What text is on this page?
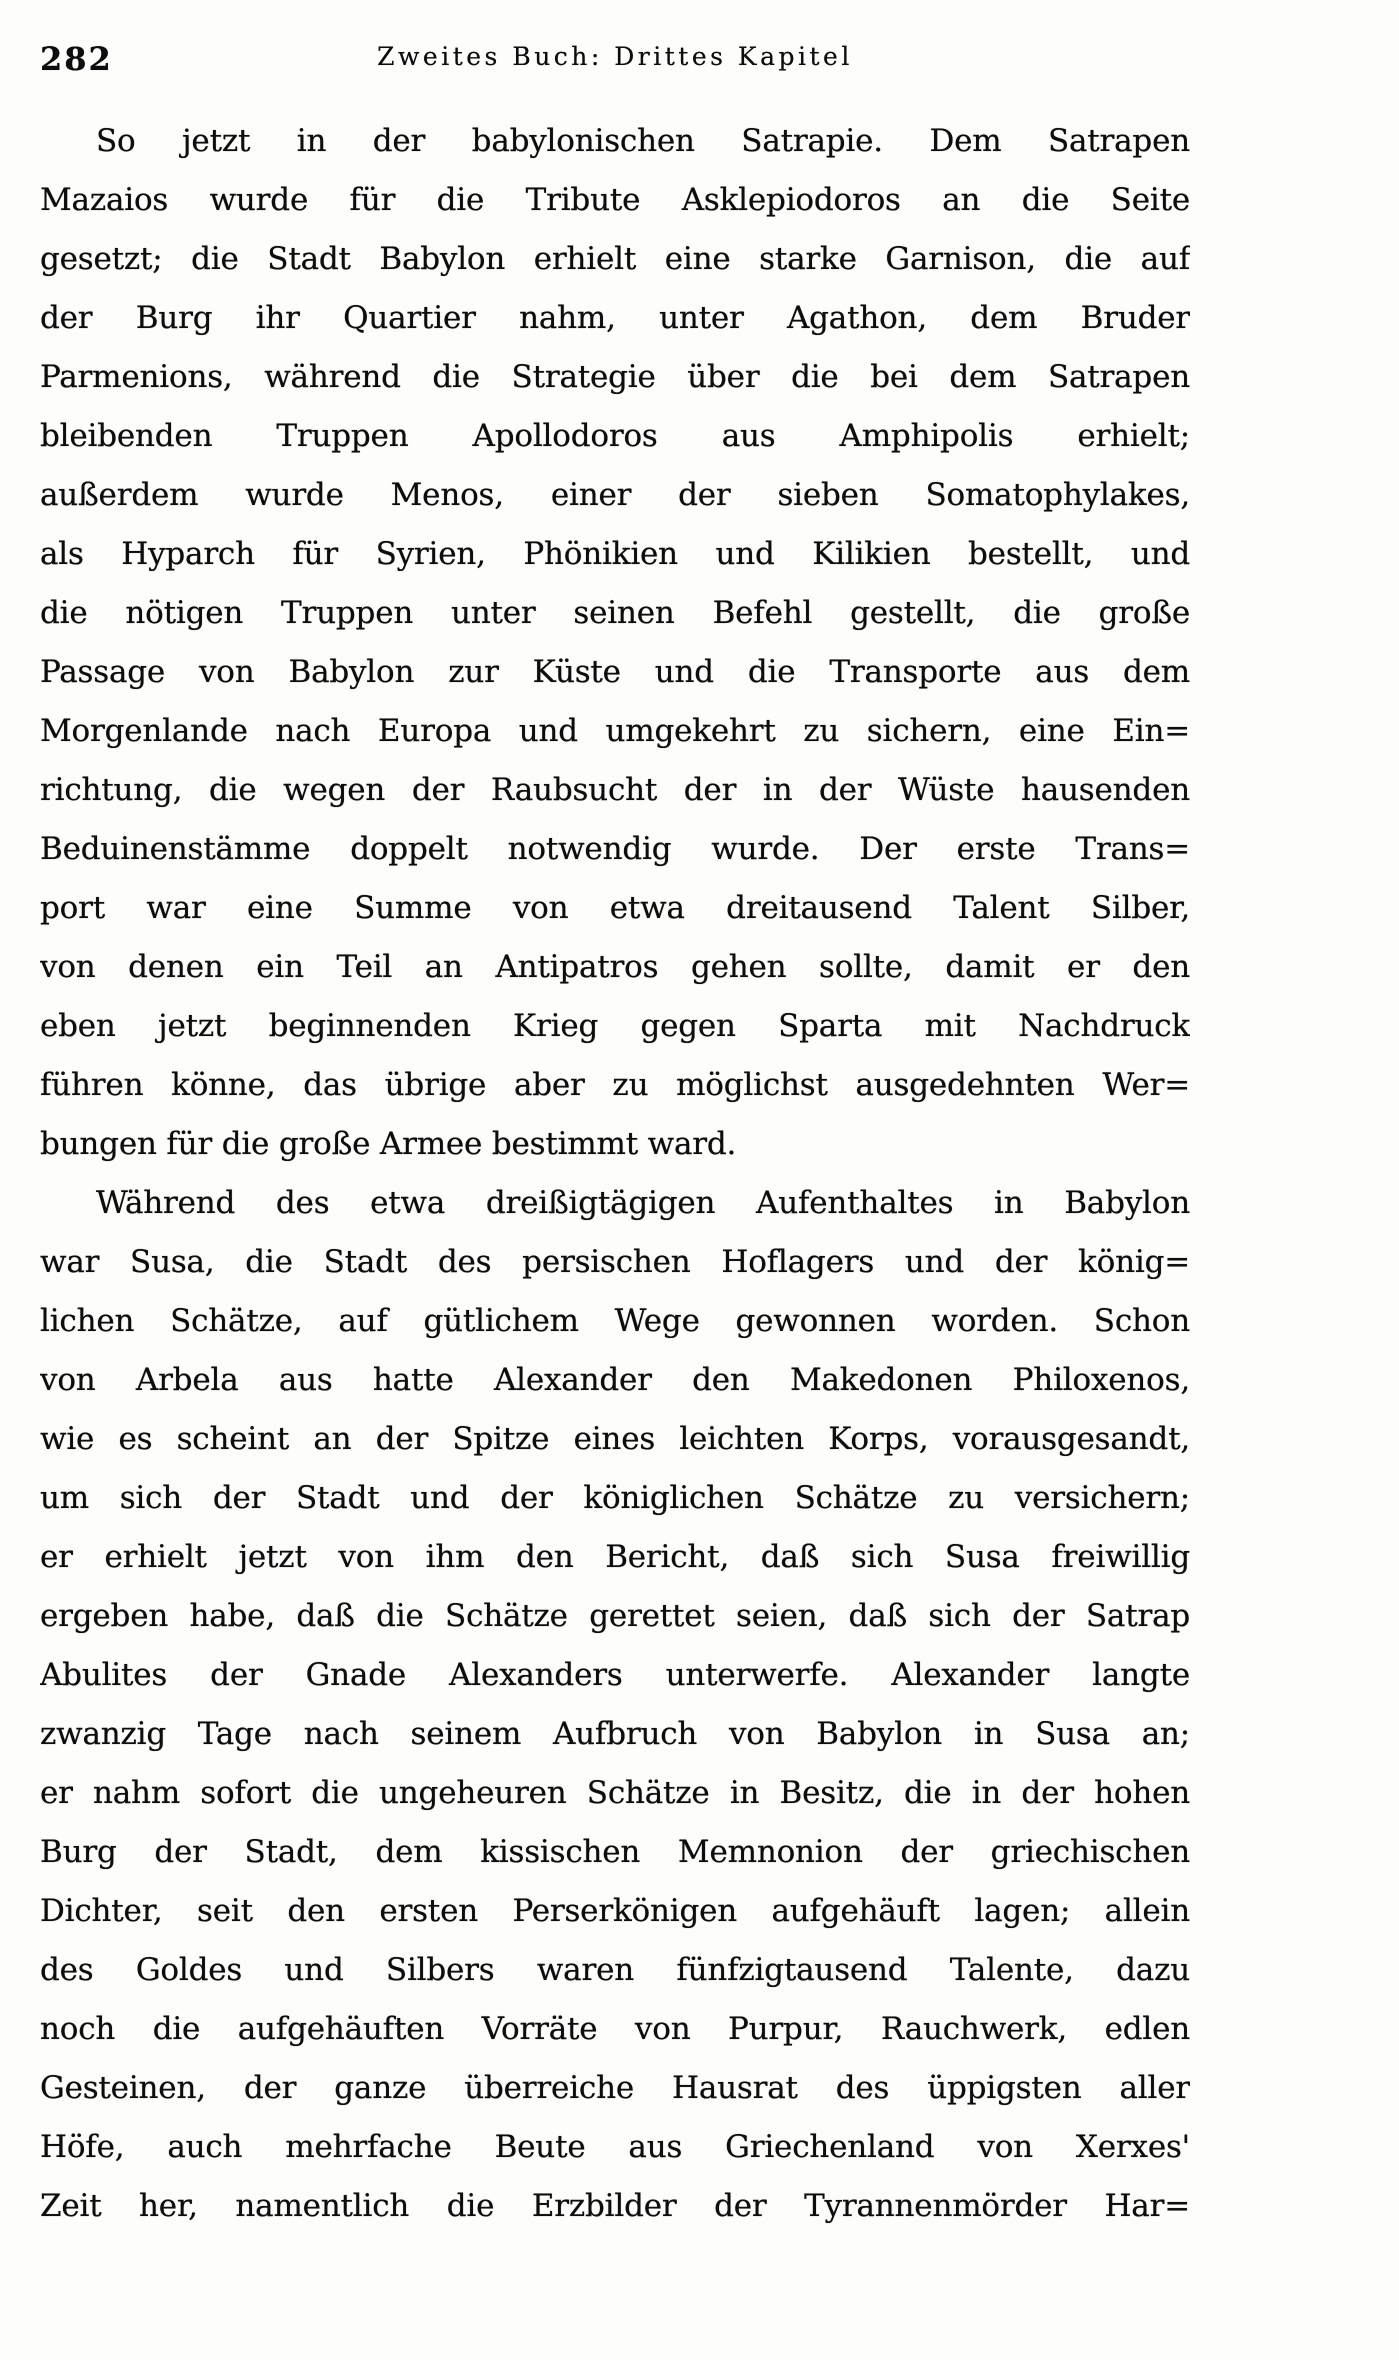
282	Zweites Buch: Drittes Kapitel
So jetzt in der babylonischen Satrapie. Dem Satrapen
Mazaios wurde für die Tribute Asklepiodoros an die Seite
gesetzt; die Stadt Babylon erhielt eine starke Garnison, die auf
der Burg ihr Quartier nahm, unter Agathon, dem Bruder
Parmenions, während die Strategie über die bei dem Satrapen
bleibenden Truppen Apollodoros aus Amphipolis erhielt;
außerdem wurde Menos, einer der sieben Somatophylakes,
als Hyparch für Syrien, Phönikien und Kilikien bestellt, und
die nötigen Truppen unter seinen Befehl gestellt, die große
Passage von Babylon zur Küste und die Transporte aus dem
Morgenlande nach Europa und umgekehrt zu sichern, eine Ein=
richtung, die wegen der Raubsucht der in der Wüste hausenden
Beduinenstämme doppelt notwendig wurde. Der erste Trans=
port war eine Summe von etwa dreitausend Talent Silber,
von denen ein Teil an Antipatros gehen sollte, damit er den
eben jetzt beginnenden Krieg gegen Sparta mit Nachdruck
führen könne, das übrige aber zu möglichst ausgedehnten Wer=
bungen für die große Armee bestimmt ward.
Während des etwa dreißigtägigen Aufenthaltes in Babylon
war Susa, die Stadt des persischen Hoflagers und der könig=
lichen Schätze, auf gütlichem Wege gewonnen worden. Schon
von Arbela aus hatte Alexander den Makedonen Philoxenos,
wie es scheint an der Spitze eines leichten Korps, vorausgesandt,
um sich der Stadt und der königlichen Schätze zu versichern;
er erhielt jetzt von ihm den Bericht, daß sich Susa freiwillig
ergeben habe, daß die Schätze gerettet seien, daß sich der Satrap
Abulites der Gnade Alexanders unterwerfe. Alexander langte
zwanzig Tage nach seinem Aufbruch von Babylon in Susa an;
er nahm sofort die ungeheuren Schätze in Besitz, die in der hohen
Burg der Stadt, dem kissischen Memnonion der griechischen
Dichter, seit den ersten Perserkönigen aufgehäuft lagen; allein
des Goldes und Silbers waren fünfzigtausend Talente, dazu
noch die aufgehäuften Vorräte von Purpur, Rauchwerk, edlen
Gesteinen, der ganze überreiche Hausrat des üppigsten aller
Höfe, auch mehrfache Beute aus Griechenland von Xerxes'
Zeit her, namentlich die Erzbilder der Tyrannenmörder Har=
